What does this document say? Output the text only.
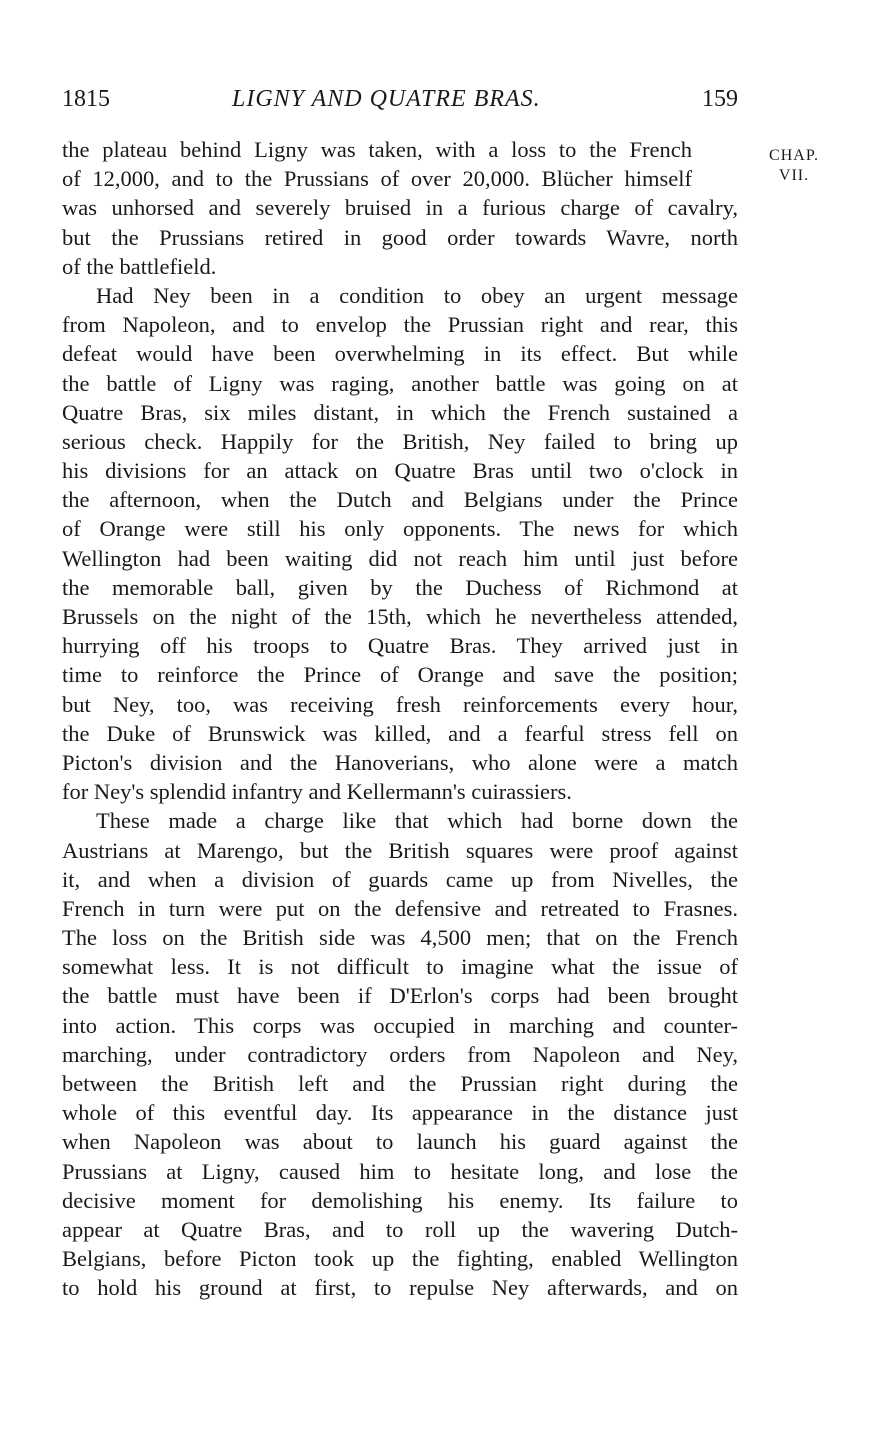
1815	LIGNY AND QUATRE BRAS.	159
CHAP.
VII.
the plateau behind Ligny was taken, with a loss to the French
of 12,000, and to the Prussians of over 20,000. Blücher himself
was unhorsed and severely bruised in a furious charge of cavalry,
but the Prussians retired in good order towards Wavre, north
of the battlefield.
Had Ney been in a condition to obey an urgent message
from Napoleon, and to envelop the Prussian right and rear, this
defeat would have been overwhelming in its effect. But while
the battle of Ligny was raging, another battle was going on at
Quatre Bras, six miles distant, in which the French sustained a
serious check. Happily for the British, Ney failed to bring up
his divisions for an attack on Quatre Bras until two o'clock in
the afternoon, when the Dutch and Belgians under the Prince
of Orange were still his only opponents. The news for which
Wellington had been waiting did not reach him until just before
the memorable ball, given by the Duchess of Richmond at
Brussels on the night of the 15th, which he nevertheless attended,
hurrying off his troops to Quatre Bras. They arrived just in
time to reinforce the Prince of Orange and save the position;
but Ney, too, was receiving fresh reinforcements every hour,
the Duke of Brunswick was killed, and a fearful stress fell on
Picton's division and the Hanoverians, who alone were a match
for Ney's splendid infantry and Kellermann's cuirassiers.
These made a charge like that which had borne down the
Austrians at Marengo, but the British squares were proof against
it, and when a division of guards came up from Nivelles, the
French in turn were put on the defensive and retreated to Frasnes.
The loss on the British side was 4,500 men; that on the French
somewhat less. It is not difficult to imagine what the issue of
the battle must have been if D'Erlon's corps had been brought
into action. This corps was occupied in marching and counter-
marching, under contradictory orders from Napoleon and Ney,
between the British left and the Prussian right during the
whole of this eventful day. Its appearance in the distance just
when Napoleon was about to launch his guard against the
Prussians at Ligny, caused him to hesitate long, and lose the
decisive moment for demolishing his enemy. Its failure to
appear at Quatre Bras, and to roll up the wavering Dutch-
Belgians, before Picton took up the fighting, enabled Wellington
to hold his ground at first, to repulse Ney afterwards, and on
